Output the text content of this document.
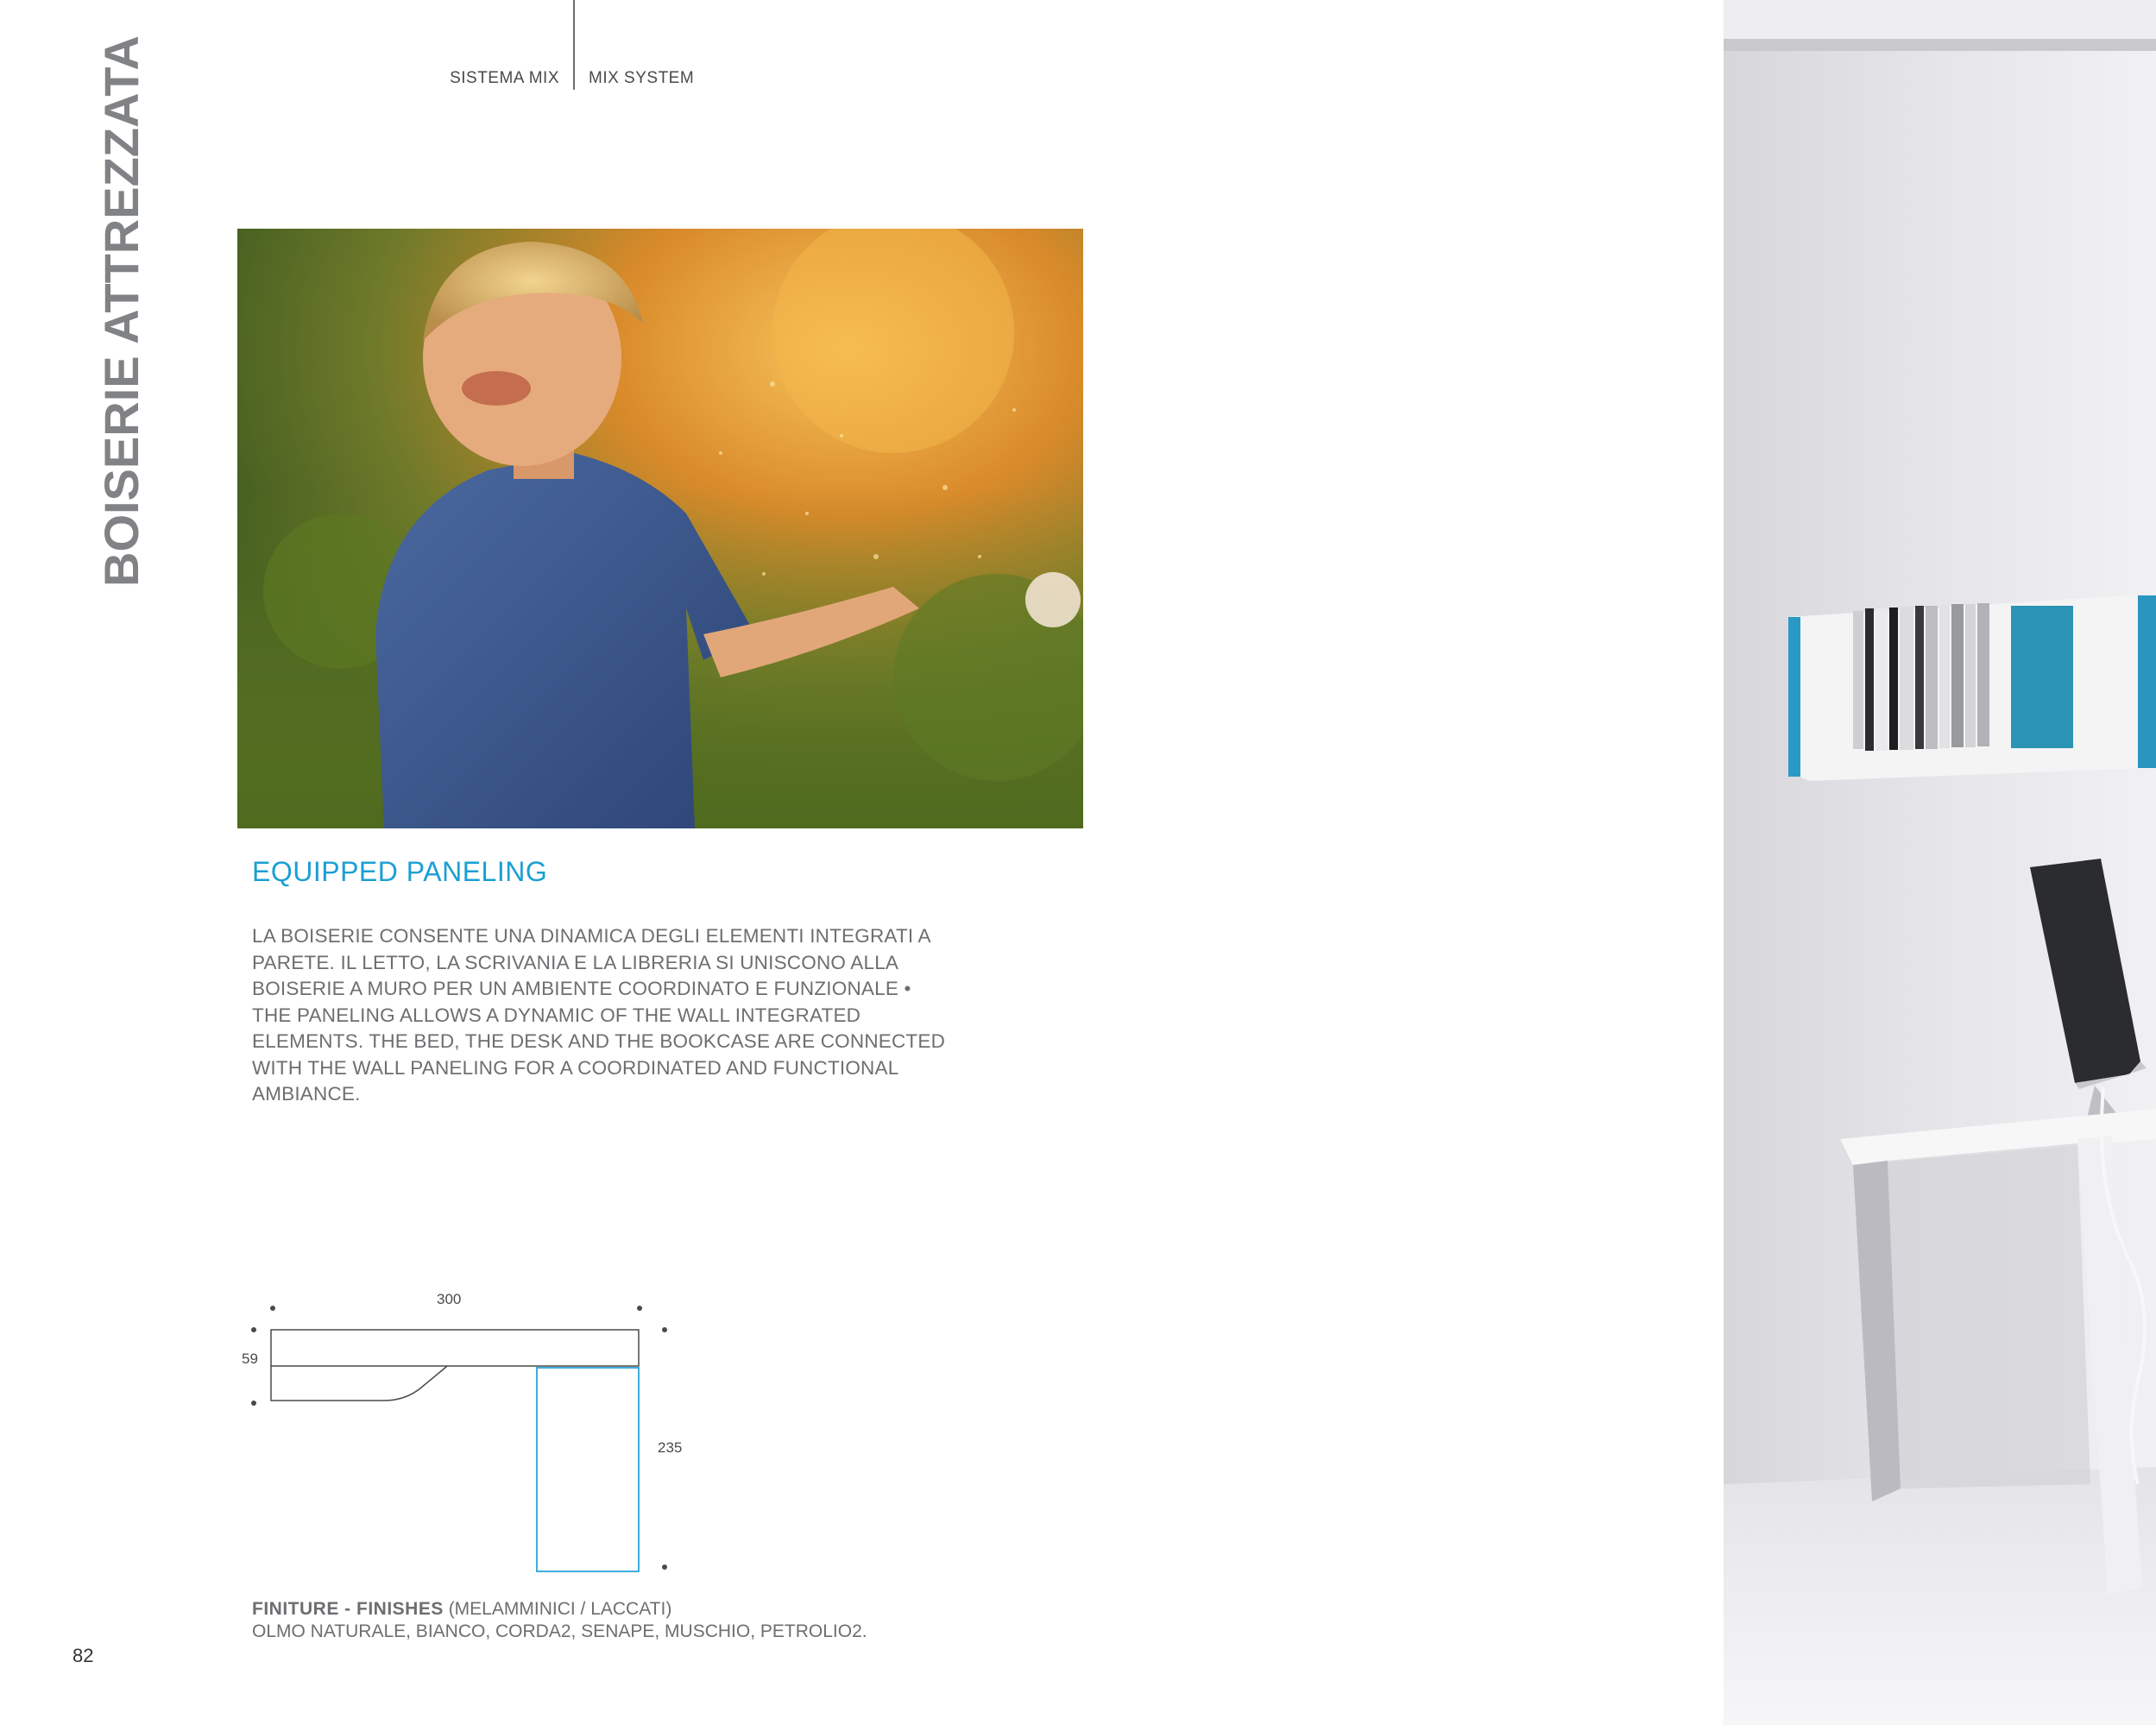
SISTEMA MIX MIX SYSTEM
BOISERIE ATTREZZATA
EQUIPPED PANELING
LA BOISERIE CONSENTE UNA DINAMICA DEGLI ELEMENTI INTEGRATI A
PARETE. IL LETTO, LA SCRIVANIA E LA LIBRERIA SI UNISCONO ALLA
BOISERIE A MURO PER UN AMBIENTE COORDINATO E FUNZIONALE •
THE PANELING ALLOWS A DYNAMIC OF THE WALL INTEGRATED
ELEMENTS. THE BED, THE DESK AND THE BOOKCASE ARE CONNECTED
WITH THE WALL PANELING FOR A COORDINATED AND FUNCTIONAL
AMBIANCE.
300
59
235
FINITURE - FINISHES (MELAMMINICI / LACCATI)
OLMO NATURALE, BIANCO, CORDA2, SENAPE, MUSCHIO, PETROLIO2.
82
